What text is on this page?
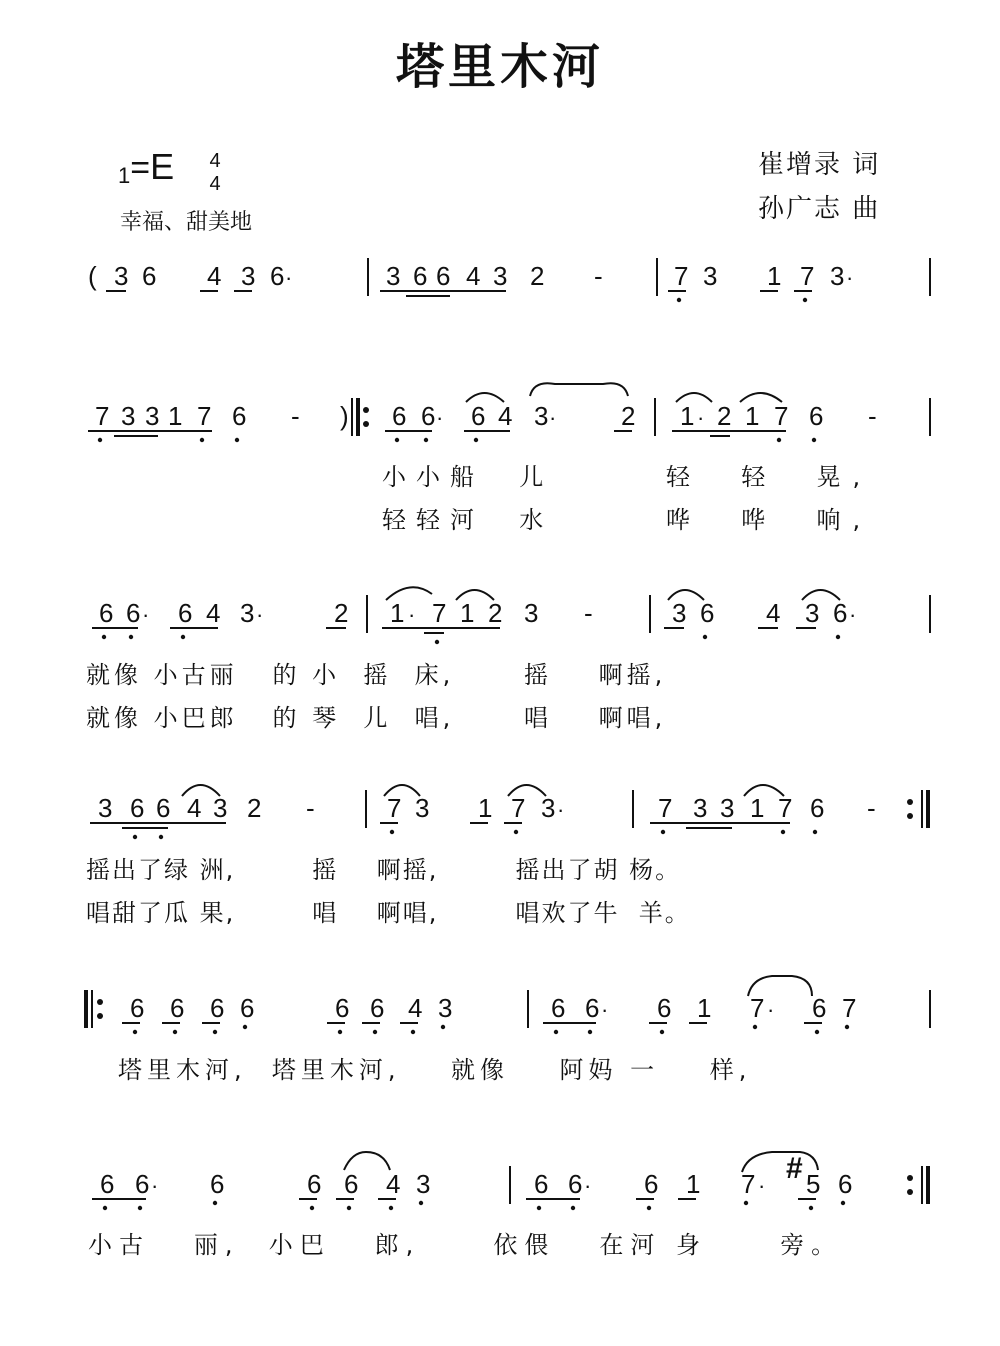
塔里木河
1=E 4
4
幸福、甜美地
崔增录 词
孙广志 曲
( 3 6 4 3 6 ·	3 6 6 4 3 2 -	7 3 1 7 3 ·
7 3 3 1 7 6 - ) 6 6 · 6 4 3 · 2 1 · 2 1 7 6 -
6 6 · 6 4 3 ·	2 1 · 7 1 2 3 -	3 6 4 3 6 ·
3 6 6 4 3 2 -	7 3 1 7 3 ·	7 3 3 1 7 6 -
6 6 6 6	6 6 4 3	6 6 · 6 1 7 · 6 7
6 6 · 6	6 6 4 3	6 6 · 6 1 7 · 5 6
#
小小船  儿	轻  轻  晃,
轻轻河  水	哗  哗  响,
就像 小古丽   的 小  摇  床,      摇    啊摇,
就像 小巴郎   的 琴  儿  唱,      唱    啊唱,
摇出了绿 洲,        摇    啊摇,        摇出了胡 杨。
唱甜了瓜 果,        唱    啊唱,        唱欢了牛  羊。
塔里木河,  塔里木河,    就像    阿妈 一    样,
小古   丽,  小巴   郎,     依偎   在河 身     旁。
